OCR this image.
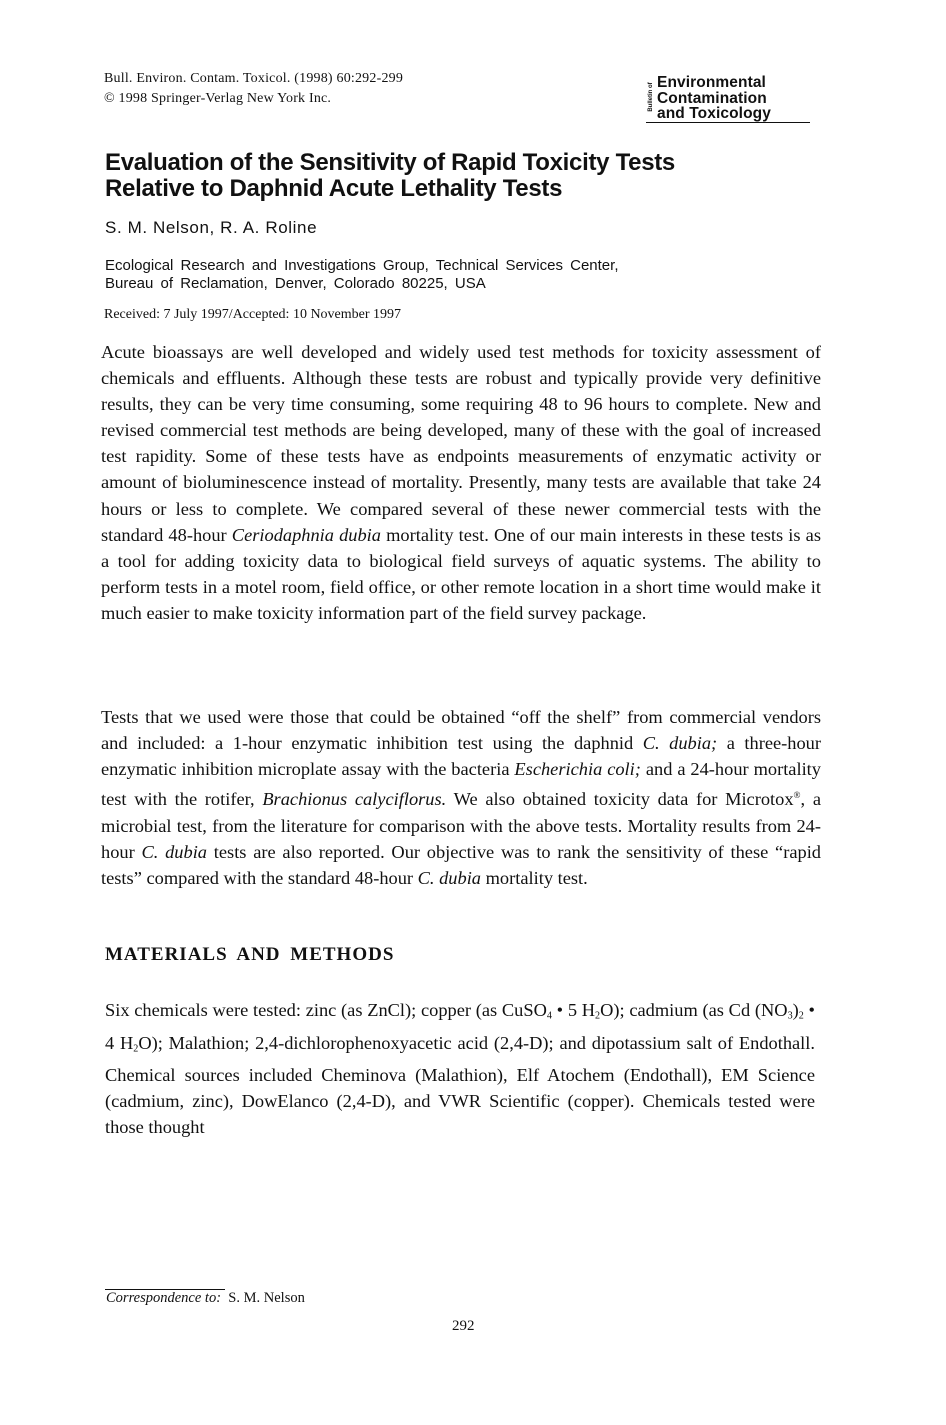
Bull. Environ. Contam. Toxicol. (1998) 60:292-299
© 1998 Springer-Verlag New York Inc.	Bulletin of Environmental
Contamination
and Toxicology
Evaluation of the Sensitivity of Rapid Toxicity Tests
Relative to Daphnid Acute Lethality Tests
S. M. Nelson, R. A. Roline
Ecological Research and Investigations Group, Technical Services Center,
Bureau of Reclamation, Denver, Colorado 80225, USA
Received: 7 July 1997/Accepted: 10 November 1997

Acute bioassays are well developed and widely used test methods for toxicity assessment of chemicals and effluents. Although these tests are robust and typically provide very definitive results, they can be very time consuming, some requiring 48 to 96 hours to complete. New and revised commercial test methods are being developed, many of these with the goal of increased test rapidity. Some of these tests have as endpoints measurements of enzymatic activity or amount of bioluminescence instead of mortality. Presently, many tests are available that take 24 hours or less to complete. We compared several of these newer commercial tests with the standard 48-hour Ceriodaphnia dubia mortality test. One of our main interests in these tests is as a tool for adding toxicity data to biological field surveys of aquatic systems. The ability to perform tests in a motel room, field office, or other remote location in a short time would make it much easier to make toxicity information part of the field survey package.

Tests that we used were those that could be obtained “off the shelf” from commercial vendors and included: a 1-hour enzymatic inhibition test using the daphnid C. dubia; a three-hour enzymatic inhibition microplate assay with the bacteria Escherichia coli; and a 24-hour mortality test with the rotifer, Brachionus calyciflorus. We also obtained toxicity data for Microtox®, a microbial test, from the literature for comparison with the above tests. Mortality results from 24-hour C. dubia tests are also reported. Our objective was to rank the sensitivity of these “rapid tests” compared with the standard 48-hour C. dubia mortality test.

MATERIALS AND METHODS

Six chemicals were tested: zinc (as ZnCl); copper (as CuSO$_4$ • 5 $H_2O$); cadmium (as Cd $(NO_3)_2$ • 4 $H_2O$); Malathion; 2,4-dichlorophenoxyacetic acid (2,4-D); and dipotassium salt of Endothall. Chemical sources included Cheminova (Malathion), Elf Atochem (Endothall), EM Science (cadmium, zinc), DowElanco (2,4-D), and VWR Scientific (copper). Chemicals tested were those thought

Correspondence to: S. M. Nelson
292
